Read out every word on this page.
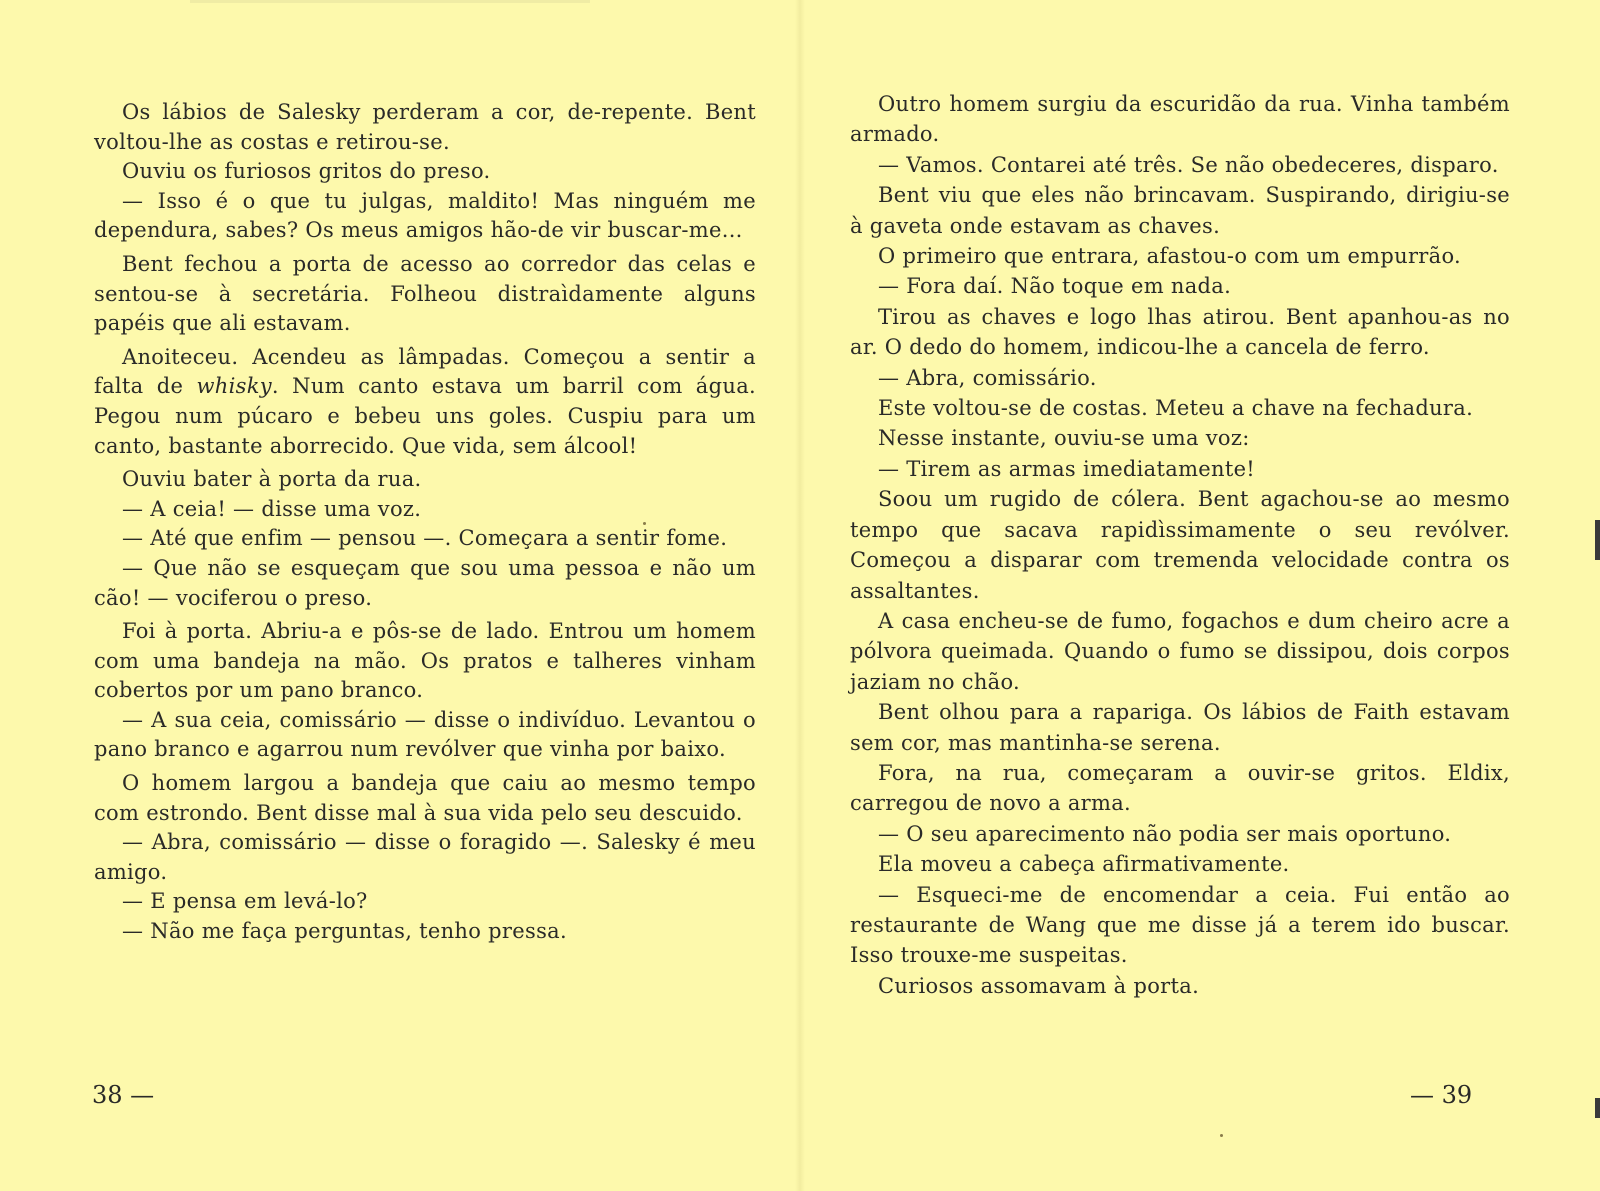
Os lábios de Salesky perderam a cor, de-repente. Bent voltou-lhe as costas e retirou-se.

Ouviu os furiosos gritos do preso.

— Isso é o que tu julgas, maldito! Mas ninguém me dependura, sabes? Os meus amigos hão-de vir buscar-me...

Bent fechou a porta de acesso ao corredor das celas e sentou-se à secretária. Folheou distraìdamente alguns papéis que ali estavam.

Anoiteceu. Acendeu as lâmpadas. Começou a sentir a falta de whisky. Num canto estava um barril com água. Pegou num púcaro e bebeu uns goles. Cuspiu para um canto, bastante aborrecido. Que vida, sem álcool!

Ouviu bater à porta da rua.

— A ceia! — disse uma voz.

— Até que enfim — pensou —. Começara a sentir fome.

— Que não se esqueçam que sou uma pessoa e não um cão! — vociferou o preso.

Foi à porta. Abriu-a e pôs-se de lado. Entrou um homem com uma bandeja na mão. Os pratos e talheres vinham cobertos por um pano branco.

— A sua ceia, comissário — disse o indivíduo. Levantou o pano branco e agarrou num revólver que vinha por baixo.

O homem largou a bandeja que caiu ao mesmo tempo com estrondo. Bent disse mal à sua vida pelo seu descuido.

— Abra, comissário — disse o foragido —. Salesky é meu amigo.

— E pensa em levá-lo?

— Não me faça perguntas, tenho pressa.

38 —

Outro homem surgiu da escuridão da rua. Vinha também armado.

— Vamos. Contarei até três. Se não obedeceres, disparo.

Bent viu que eles não brincavam. Suspirando, dirigiu-se à gaveta onde estavam as chaves.

O primeiro que entrara, afastou-o com um empurrão.

— Fora daí. Não toque em nada.

Tirou as chaves e logo lhas atirou. Bent apanhou-as no ar. O dedo do homem, indicou-lhe a cancela de ferro.

— Abra, comissário.

Este voltou-se de costas. Meteu a chave na fechadura.

Nesse instante, ouviu-se uma voz:

— Tirem as armas imediatamente!

Soou um rugido de cólera. Bent agachou-se ao mesmo tempo que sacava rapidìssimamente o seu revólver. Começou a disparar com tremenda velocidade contra os assaltantes.

A casa encheu-se de fumo, fogachos e dum cheiro acre a pólvora queimada. Quando o fumo se dissipou, dois corpos jaziam no chão.

Bent olhou para a rapariga. Os lábios de Faith estavam sem cor, mas mantinha-se serena.

Fora, na rua, começaram a ouvir-se gritos. Eldix, carregou de novo a arma.

— O seu aparecimento não podia ser mais oportuno.

Ela moveu a cabeça afirmativamente.

— Esqueci-me de encomendar a ceia. Fui então ao restaurante de Wang que me disse já a terem ido buscar. Isso trouxe-me suspeitas.

Curiosos assomavam à porta.

— 39
